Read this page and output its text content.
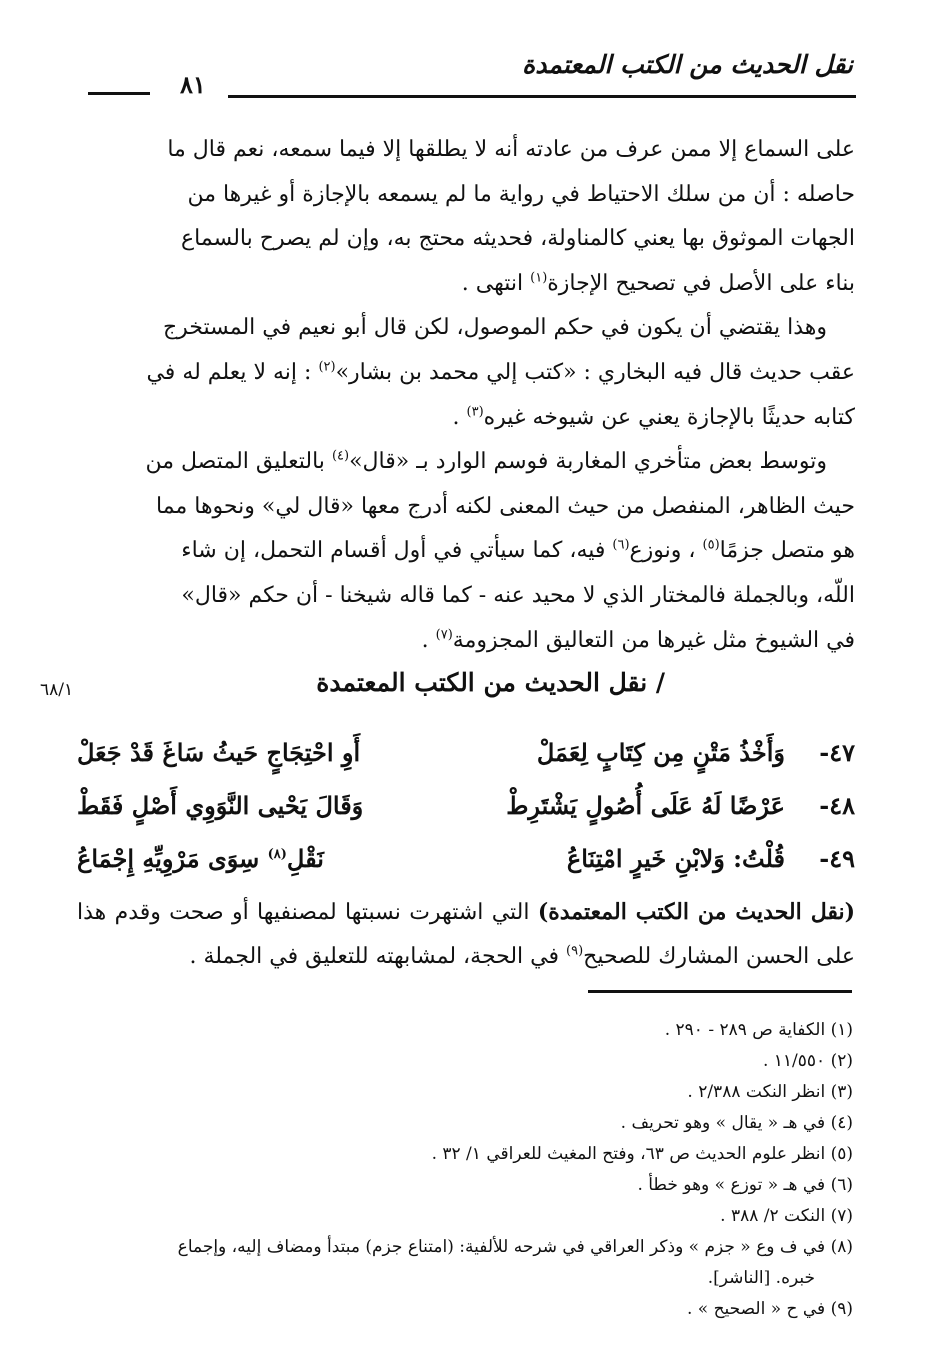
نقل الحديث من الكتب المعتمدة
٨١

على السماع إلا ممن عرف من عادته أنه لا يطلقها إلا فيما سمعه، نعم قال ما

حاصله : أن من سلك الاحتياط في رواية ما لم يسمعه بالإجازة أو غيرها من

الجهات الموثوق بها يعني كالمناولة، فحديثه محتج به، وإن لم يصرح بالسماع

بناء على الأصل في تصحيح الإجازة$^{(١)}$ انتهى .

وهذا يقتضي أن يكون في حكم الموصول، لكن قال أبو نعيم في المستخرج

عقب حديث قال فيه البخاري : «كتب إلي محمد بن بشار»$^{(٢)}$ : إنه لا يعلم له في

كتابه حديثًا بالإجازة يعني عن شيوخه غيره$^{(٣)}$ .

وتوسط بعض متأخري المغاربة فوسم الوارد بـ «قال»$^{(٤)}$ بالتعليق المتصل من

حيث الظاهر، المنفصل من حيث المعنى لكنه أدرج معها «قال لي» ونحوها مما

هو متصل جزمًا$^{(٥)}$ ، ونوزع$^{(٦)}$ فيه، كما سيأتي في أول أقسام التحمل، إن شاء

اللّه، وبالجملة فالمختار الذي لا محيد عنه - كما قاله شيخنا - أن حكم «قال»

في الشيوخ مثل غيرها من التعاليق المجزومة$^{(٧)}$ .

/ نقل الحديث من الكتب المعتمدة
٦٨/١
٤٧-
وَأَخْذُ مَتْنٍ مِن كِتَابٍ لِعَمَلْ
أَوِ احْتِجَاجٍ حَيثُ سَاغَ قَدْ جَعَلْ
٤٨-
عَرْضًا لَهُ عَلَى أُصُولٍ يَشْتَرِطْ
وَقَالَ يَحْيى النَّوَوِي أَصْلٍ فَقَطْ
٤٩-
قُلْتُ: وَلابْنِ خَيرٍ امْتِنَاعُ
نَقْلِ$^{(٨)}$ سِوَى مَرْوِيِّهِ إِجْمَاعُ
(نقل الحديث من الكتب المعتمدة) التي اشتهرت نسبتها لمصنفيها أو صحت وقدم هذا على الحسن المشارك للصحيح$^{(٩)}$ في الحجة، لمشابهته للتعليق في الجملة .
(١) الكفاية ص ٢٨٩ - ٢٩٠ .
(٢) ١١/٥٥٠ .
(٣) انظر النكت ٢/٣٨٨ .
(٤) في هـ « يقال » وهو تحريف .
(٥) انظر علوم الحديث ص ٦٣، وفتح المغيث للعراقي ١/ ٣٢ .
(٦) في هـ « توزع » وهو خطأ .
(٧) النكت ٢/ ٣٨٨ .
(٨) في ف وع « جزم » وذكر العراقي في شرحه للألفية: (امتناع جزم) مبتدأ ومضاف إليه، وإجماع
خبره. [الناشر].
(٩) في ح « الصحيح » .
